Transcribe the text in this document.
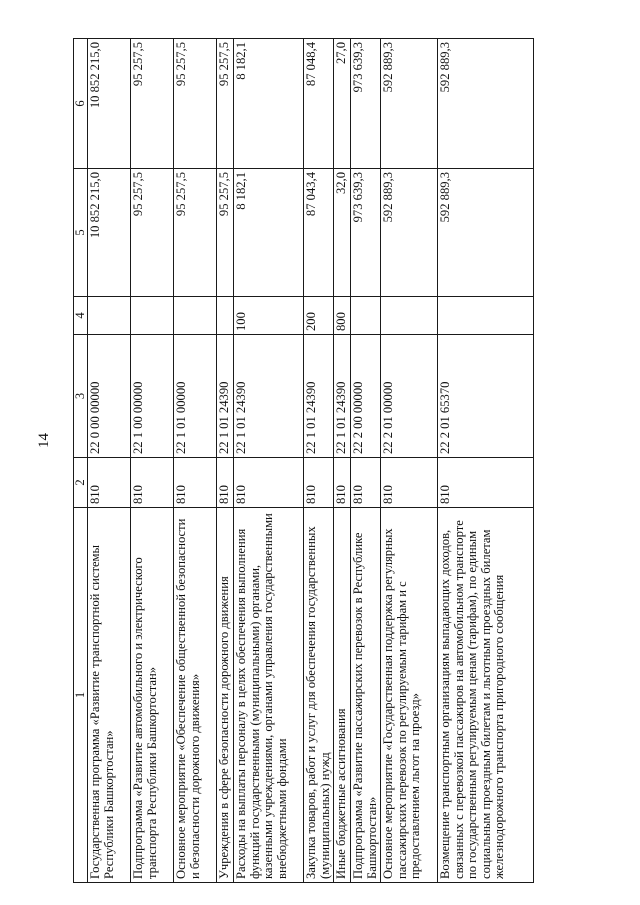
14
1	2	3	4	5	6
Государственная программа «Развитие транспортной системы Республики Башкортостан»	810	22 0 00 00000		10 852 215,0	10 852 215,0
Подпрограмма «Развитие автомобильного и электрического транспорта Республики Башкортостан»	810	22 1 00 00000		95 257,5	95 257,5
Основное мероприятие «Обеспечение общественной безопасности и безопасности дорожного движения»	810	22 1 01 00000		95 257,5	95 257,5
Учреждения в сфере безопасности дорожного движения	810	22 1 01 24390		95 257,5	95 257,5
Расходы на выплаты персоналу в целях обеспечения выполнения функций государственными (муниципальными) органами, казенными учреждениями, органами управления государственными внебюджетными фондами	810	22 1 01 24390	100	8 182,1	8 182,1
Закупка товаров, работ и услуг для обеспечения государственных (муниципальных) нужд	810	22 1 01 24390	200	87 043,4	87 048,4
Иные бюджетные ассигнования	810	22 1 01 24390	800	32,0	27,0
Подпрограмма «Развитие пассажирских перевозок в Республике Башкортостан»	810	22 2 00 00000		973 639,3	973 639,3
Основное мероприятие «Государственная поддержка регулярных пассажирских перевозок по регулируемым тарифам и с предоставлением льгот на проезд»	810	22 2 01 00000		592 889,3	592 889,3
Возмещение транспортным организациям выпадающих доходов, связанных с перевозкой пассажиров на автомобильном транспорте по государственным регулируемым ценам (тарифам), по единым социальным проездным билетам и льготным проездных билетам железнодорожного транспорта пригородного сообщения	810	22 2 01 65370		592 889,3	592 889,3
